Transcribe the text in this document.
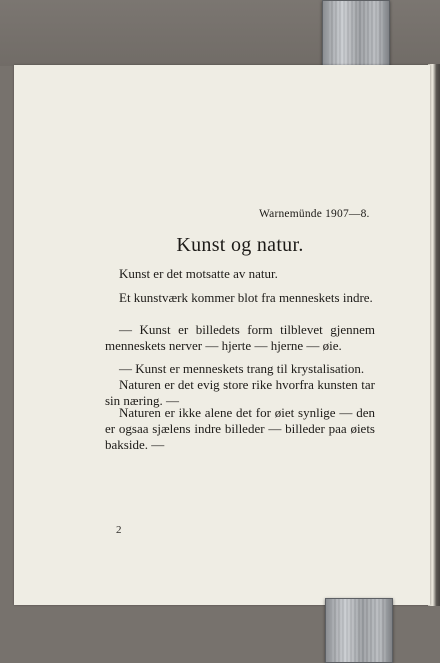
Warnemünde 1907—8.
Kunst og natur.
Kunst er det motsatte av natur.
Et kunstværk kommer blot fra menneskets indre.
— Kunst er billedets form tilblevet gjennem menneskets nerver — hjerte — hjerne — øie.
— Kunst er menneskets trang til krystalisation.
Naturen er det evig store rike hvorfra kunsten tar sin næring. —
Naturen er ikke alene det for øiet synlige — den er ogsaa sjælens indre billeder — billeder paa øiets bakside. —
2
